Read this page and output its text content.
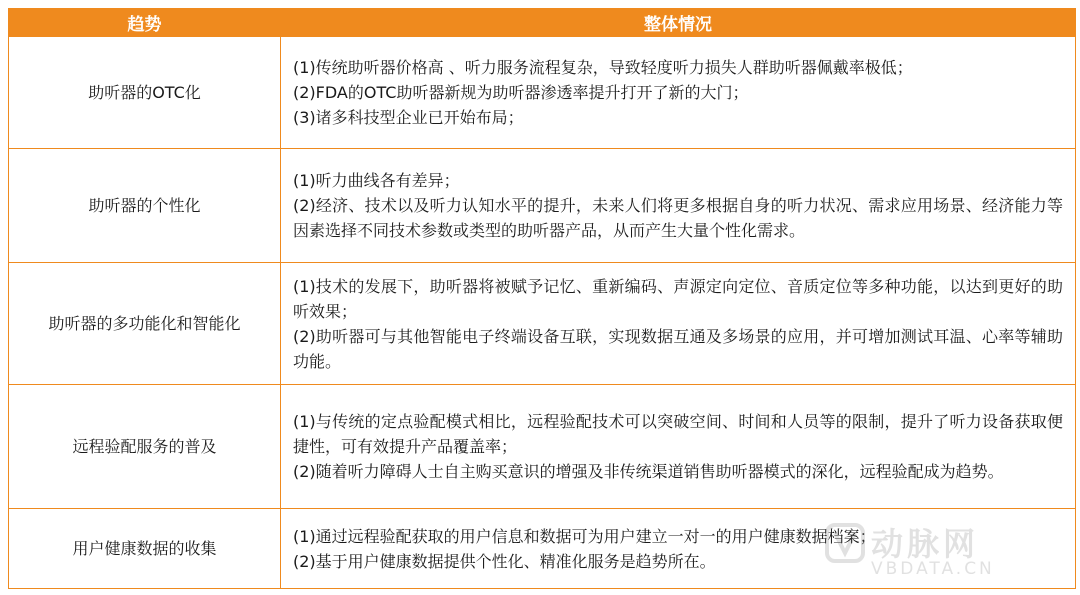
趋势	整体情况
助听器的OTC化	(1)传统助听器价格高 、听力服务流程复杂，导致轻度听力损失人群助听器佩戴率极低；
(2)FDA的OTC助听器新规为助听器渗透率提升打开了新的大门；
(3)诸多科技型企业已开始布局；

助听器的个性化	(1)听力曲线各有差异；
(2)经济、技术以及听力认知水平的提升，未来人们将更多根据自身的听力状况、需求应用场景、经济能力等因素选择不同技术参数或类型的助听器产品，从而产生大量个性化需求。

助听器的多功能化和智能化	(1)技术的发展下，助听器将被赋予记忆、重新编码、声源定向定位、音质定位等多种功能，以达到更好的助听效果；
(2)助听器可与其他智能电子终端设备互联，实现数据互通及多场景的应用，并可增加测试耳温、心率等辅助功能。

远程验配服务的普及	(1)与传统的定点验配模式相比，远程验配技术可以突破空间、时间和人员等的限制，提升了听力设备获取便捷性，可有效提升产品覆盖率；
(2)随着听力障碍人士自主购买意识的增强及非传统渠道销售助听器模式的深化，远程验配成为趋势。

用户健康数据的收集	(1)通过远程验配获取的用户信息和数据可为用户建立一对一的用户健康数据档案；
(2)基于用户健康数据提供个性化、精准化服务是趋势所在。	动脉网
VBDATA.CN
